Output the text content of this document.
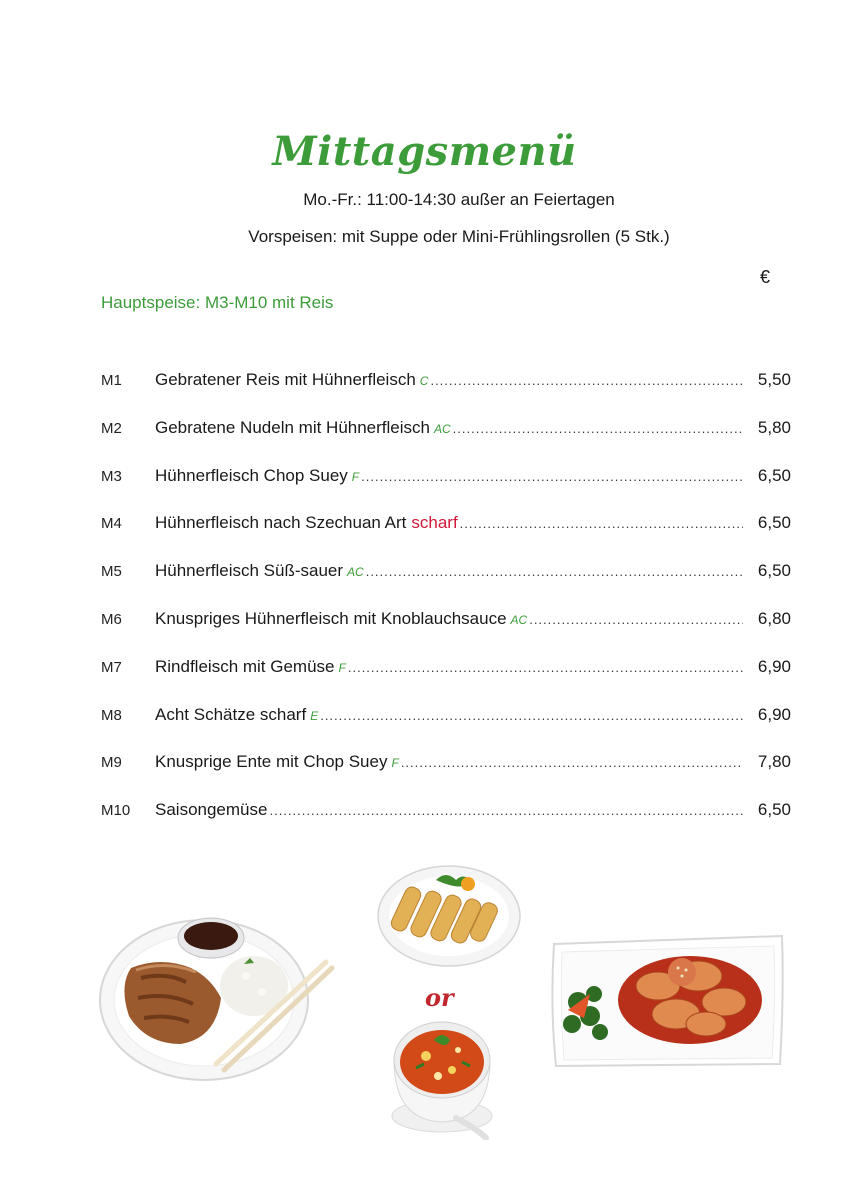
Mittagsmenü
Mo.-Fr.: 11:00-14:30 außer an Feiertagen
Vorspeisen: mit Suppe oder Mini-Frühlingsrollen (5 Stk.)
€
Hauptspeise: M3-M10 mit Reis
M1	Gebratener Reis mit Hühnerfleisch C .....	5,50
M2	Gebratene Nudeln mit Hühnerfleisch AC .....	5,80
M3	Hühnerfleisch Chop Suey F .....	6,50
M4	Hühnerfleisch nach Szechuan Art scharf .....	6,50
M5	Hühnerfleisch Süß-sauer AC .....	6,50
M6	Knuspriges Hühnerfleisch mit Knoblauchsauce AC .....	6,80
M7	Rindfleisch mit Gemüse F .....	6,90
M8	Acht Schätze scharf E .....	6,90
M9	Knusprige Ente mit Chop Suey F .....	7,80
M10	Saisongemüse .....	6,50
or
